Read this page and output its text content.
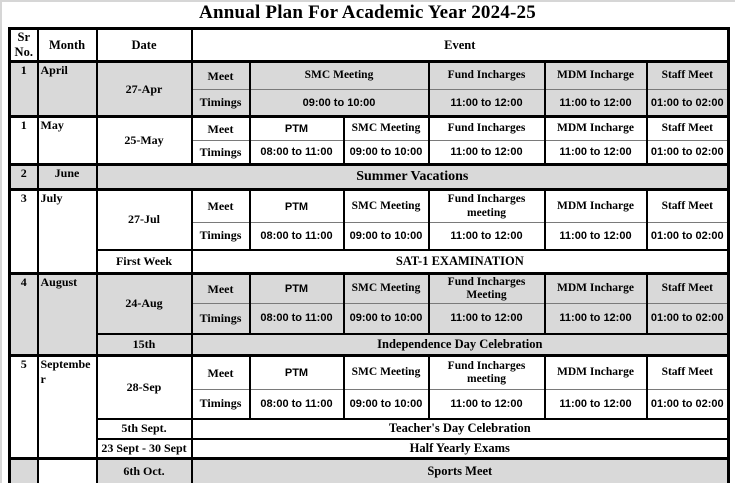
Annual Plan For Academic Year 2024-25
Sr No.	Month	Date	Event					
1	April	27-Apr	Meet	SMC Meeting		Fund Incharges	MDM Incharge	Staff Meet
			Timings	09:00 to 10:00		11:00 to 12:00	11:00 to 12:00	01:00 to 02:00
1	May	25-May	Meet	PTM	SMC Meeting	Fund Incharges	MDM Incharge	Staff Meet
			Timings	08:00 to 11:00	09:00 to 10:00	11:00 to 12:00	11:00 to 12:00	01:00 to 02:00
2	June	Summer Vacations						
3	July	27-Jul	Meet	PTM	SMC Meeting	Fund Incharges meeting	MDM Incharge	Staff Meet
			Timings	08:00 to 11:00	09:00 to 10:00	11:00 to 12:00	11:00 to 12:00	01:00 to 02:00
		First Week	SAT-1 EXAMINATION					
4	August	24-Aug	Meet	PTM	SMC Meeting	Fund Incharges Meeting	MDM Incharge	Staff Meet
			Timings	08:00 to 11:00	09:00 to 10:00	11:00 to 12:00	11:00 to 12:00	01:00 to 02:00
		15th	Independence Day Celebration					
5	September	28-Sep	Meet	PTM	SMC Meeting	Fund Incharges meeting	MDM Incharge	Staff Meet
			Timings	08:00 to 11:00	09:00 to 10:00	11:00 to 12:00	11:00 to 12:00	01:00 to 02:00
		5th Sept.	Teacher's Day Celebration					
		23 Sept - 30 Sept	Half Yearly Exams					
		6th Oct.	Sports Meet					
